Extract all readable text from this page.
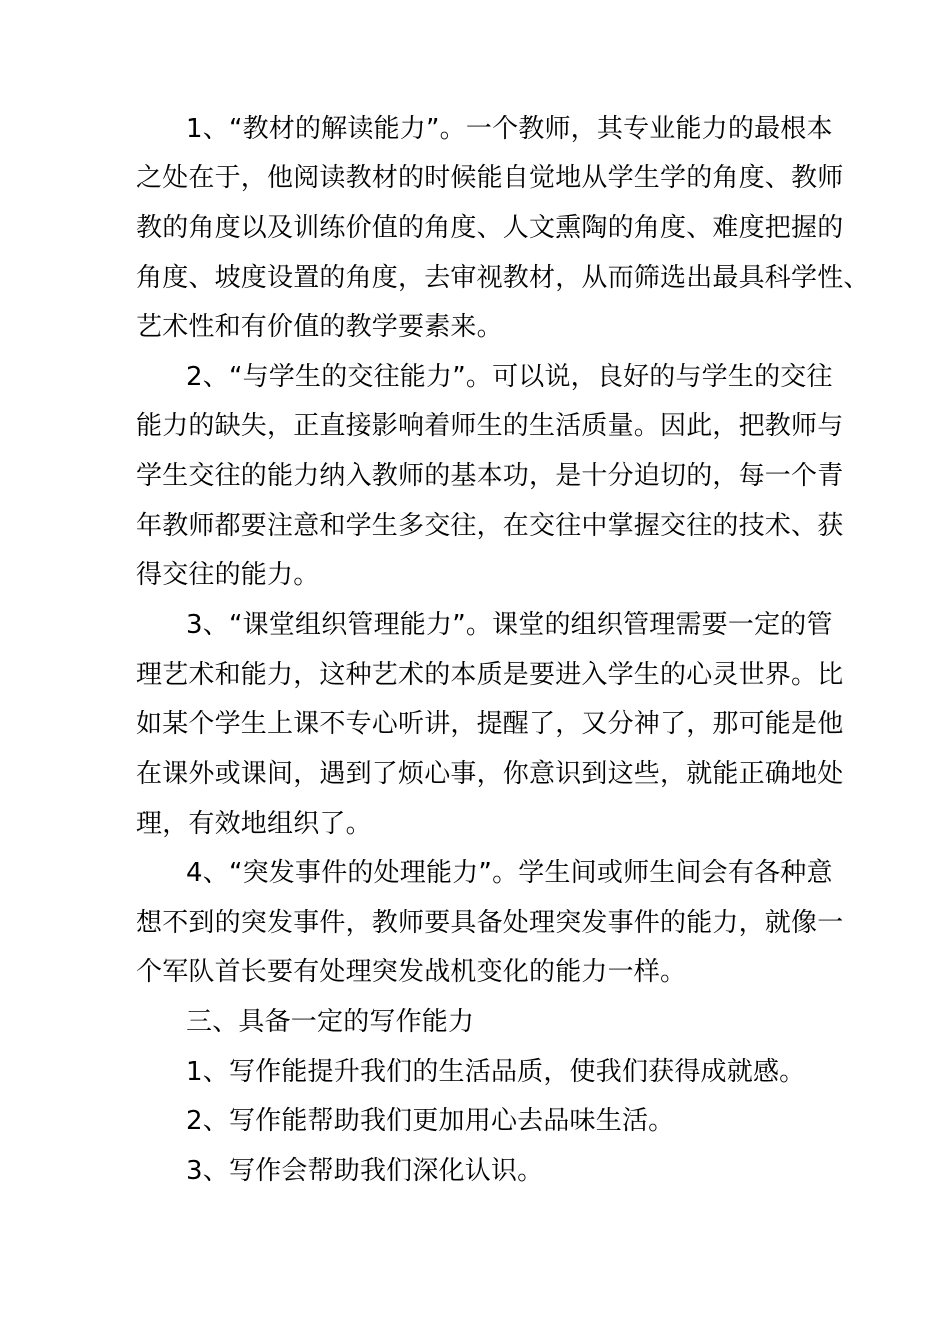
1、“教材的解读能力”。一个教师，其专业能力的最根本
之处在于，他阅读教材的时候能自觉地从学生学的角度、教师
教的角度以及训练价值的角度、人文熏陶的角度、难度把握的
角度、坡度设置的角度，去审视教材，从而筛选出最具科学性、
艺术性和有价值的教学要素来。
2、“与学生的交往能力”。可以说，良好的与学生的交往
能力的缺失，正直接影响着师生的生活质量。因此，把教师与
学生交往的能力纳入教师的基本功，是十分迫切的，每一个青
年教师都要注意和学生多交往，在交往中掌握交往的技术、获
得交往的能力。
3、“课堂组织管理能力”。课堂的组织管理需要一定的管
理艺术和能力，这种艺术的本质是要进入学生的心灵世界。比
如某个学生上课不专心听讲，提醒了，又分神了，那可能是他
在课外或课间，遇到了烦心事，你意识到这些，就能正确地处
理，有效地组织了。
4、“突发事件的处理能力”。学生间或师生间会有各种意
想不到的突发事件，教师要具备处理突发事件的能力，就像一
个军队首长要有处理突发战机变化的能力一样。
三、具备一定的写作能力
1、写作能提升我们的生活品质，使我们获得成就感。
2、写作能帮助我们更加用心去品味生活。
3、写作会帮助我们深化认识。
